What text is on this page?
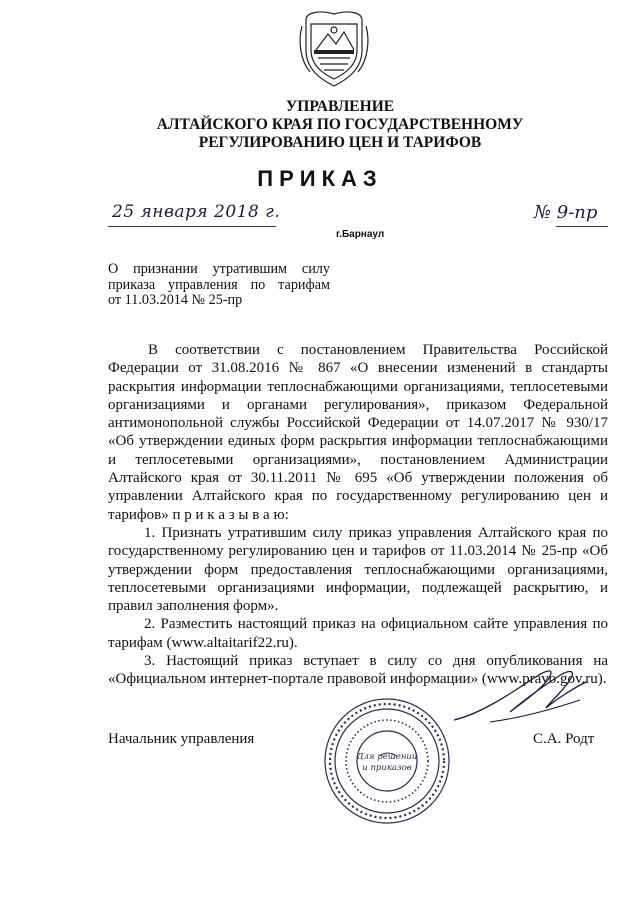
УПРАВЛЕНИЕ
АЛТАЙСКОГО КРАЯ ПО ГОСУДАРСТВЕННОМУ
РЕГУЛИРОВАНИЮ ЦЕН И ТАРИФОВ
ПРИКАЗ
25 января 2018 г.
г.Барнаул
№ 9-пр
О признании утратившим силу
приказа управления по тарифам
от 11.03.2014 № 25-пр

В соответствии с постановлением Правительства Российской Федерации от 31.08.2016 № 867 «О внесении изменений в стандарты раскрытия информации теплоснабжающими организациями, теплосетевыми организациями и органами регулирования», приказом Федеральной антимонопольной службы Российской Федерации от 14.07.2017 № 930/17 «Об утверждении единых форм раскрытия информации теплоснабжающими и теплосетевыми организациями», постановлением Администрации Алтайского края от 30.11.2011 № 695 «Об утверждении положения об управлении Алтайского края по государственному регулированию цен и тарифов» п р и к а з ы в а ю:

1. Признать утратившим силу приказ управления Алтайского края по государственному регулированию цен и тарифов от 11.03.2014 № 25-пр «Об утверждении форм предоставления теплоснабжающими организациями, теплосетевыми организациями информации, подлежащей раскрытию, и правил заполнения форм».

2. Разместить настоящий приказ на официальном сайте управления по тарифам (www.altaitarif22.ru).

3. Настоящий приказ вступает в силу со дня опубликования на «Официальном интернет-портале правовой информации» (www.pravo.gov.ru).

Начальник управления	С.А. Родт
Для решений
и приказов
